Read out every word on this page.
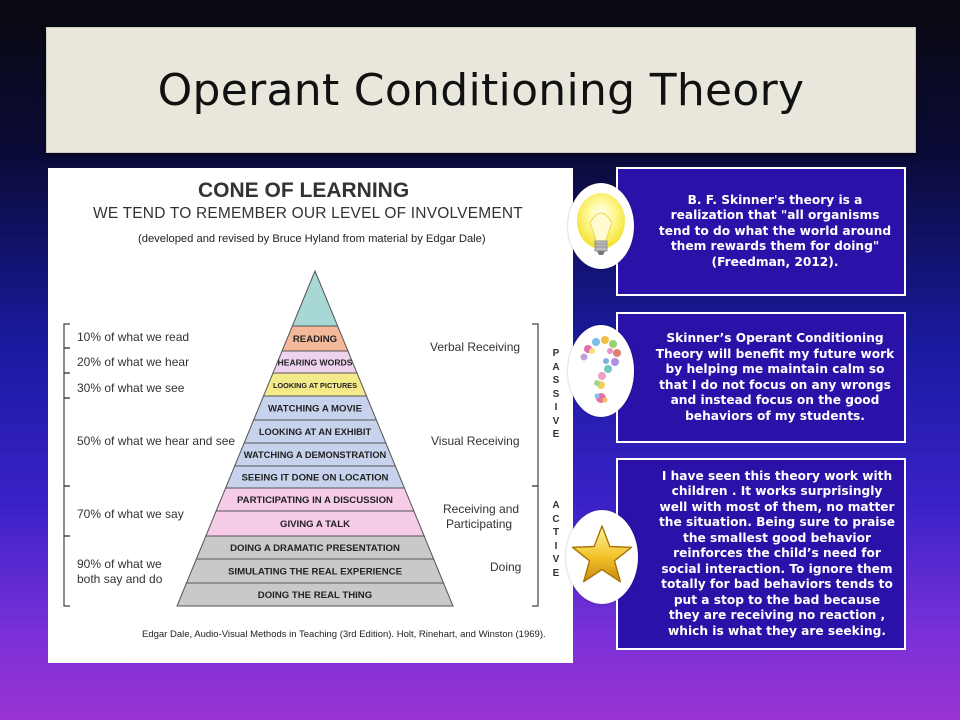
Operant Conditioning Theory
CONE OF LEARNING
WE TEND TO REMEMBER OUR LEVEL OF INVOLVEMENT
(developed and revised by Bruce Hyland from material by Edgar Dale)
READING
HEARING WORDS
LOOKING AT PICTURES
WATCHING A MOVIE
LOOKING AT AN EXHIBIT
WATCHING A DEMONSTRATION
SEEING IT DONE ON LOCATION
PARTICIPATING IN A DISCUSSION
GIVING A TALK
DOING A DRAMATIC PRESENTATION
SIMULATING THE REAL EXPERIENCE
DOING THE REAL THING
10% of what we read
20% of what we hear
30% of what we see
50% of what we hear and see
70% of what we say
90% of what we
both say and do
Verbal Receiving
Visual Receiving
Receiving and
Participating
Doing
P
A
S
S
I
V
E
A
C
T
I
V
E
Edgar Dale, Audio-Visual Methods in Teaching (3rd Edition). Holt, Rinehart, and Winston (1969).
B. F. Skinner's theory is a realization that "all organisms tend to do what the world around them rewards them for doing" (Freedman, 2012).
Skinner’s Operant Conditioning Theory will benefit my future work by helping me maintain calm so that I do not focus on any wrongs and instead focus on the good behaviors of my students.
I have seen this theory work with children . It works surprisingly well with most of them, no matter the situation. Being sure to praise the smallest good behavior reinforces the child’s need for social interaction. To ignore them totally for bad behaviors tends to put a stop to the bad because they are receiving no reaction , which is what they are seeking.
